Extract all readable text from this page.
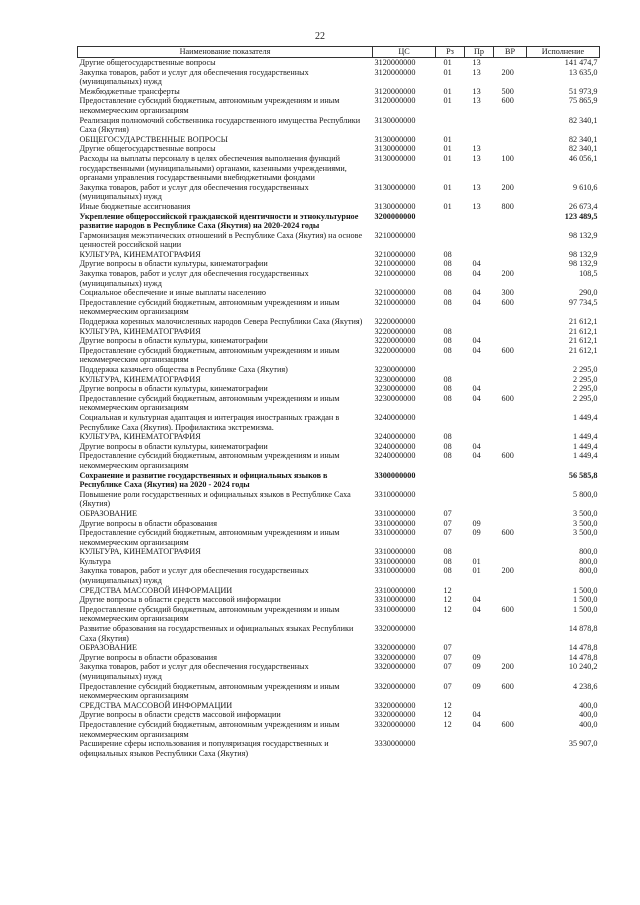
22
Наименование показателя	ЦС	Рз	Пр	ВР	Исполнение
Другие общегосударственные вопросы	3120000000	01	13		141 474,7
Закупка товаров, работ и услуг для обеспечения государственных (муниципальных) нужд	3120000000	01	13	200	13 635,0
Межбюджетные трансферты	3120000000	01	13	500	51 973,9
Предоставление субсидий бюджетным, автономным учреждениям и иным некоммерческим организациям	3120000000	01	13	600	75 865,9
Реализация полномочий собственника государственного имущества Республики Саха (Якутия)	3130000000				82 340,1
ОБЩЕГОСУДАРСТВЕННЫЕ ВОПРОСЫ	3130000000	01			82 340,1
Другие общегосударственные вопросы	3130000000	01	13		82 340,1
Расходы на выплаты персоналу в целях обеспечения выполнения функций государственными (муниципальными) органами, казенными учреждениями, органами управления государственными внебюджетными фондами	3130000000	01	13	100	46 056,1
Закупка товаров, работ и услуг для обеспечения государственных (муниципальных) нужд	3130000000	01	13	200	9 610,6
Иные бюджетные ассигнования	3130000000	01	13	800	26 673,4
Укрепление общероссийской гражданской идентичности и этнокультурное развитие народов в Республике Саха (Якутия) на 2020-2024 годы	3200000000				123 489,5
Гармонизация межэтнических отношений в Республике Саха (Якутия) на основе ценностей российской нации	3210000000				98 132,9
КУЛЬТУРА, КИНЕМАТОГРАФИЯ	3210000000	08			98 132,9
Другие вопросы в области культуры, кинематографии	3210000000	08	04		98 132,9
Закупка товаров, работ и услуг для обеспечения государственных (муниципальных) нужд	3210000000	08	04	200	108,5
Социальное обеспечение и иные выплаты населению	3210000000	08	04	300	290,0
Предоставление субсидий бюджетным, автономным учреждениям и иным некоммерческим организациям	3210000000	08	04	600	97 734,5
Поддержка коренных малочисленных народов Севера Республики Саха (Якутия)	3220000000				21 612,1
КУЛЬТУРА, КИНЕМАТОГРАФИЯ	3220000000	08			21 612,1
Другие вопросы в области культуры, кинематографии	3220000000	08	04		21 612,1
Предоставление субсидий бюджетным, автономным учреждениям и иным некоммерческим организациям	3220000000	08	04	600	21 612,1
Поддержка казачьего общества в Республике Саха (Якутия)	3230000000				2 295,0
КУЛЬТУРА, КИНЕМАТОГРАФИЯ	3230000000	08			2 295,0
Другие вопросы в области культуры, кинематографии	3230000000	08	04		2 295,0
Предоставление субсидий бюджетным, автономным учреждениям и иным некоммерческим организациям	3230000000	08	04	600	2 295,0
Социальная и культурная адаптация и интеграция иностранных граждан в Республике Саха (Якутия). Профилактика экстремизма.	3240000000				1 449,4
КУЛЬТУРА, КИНЕМАТОГРАФИЯ	3240000000	08			1 449,4
Другие вопросы в области культуры, кинематографии	3240000000	08	04		1 449,4
Предоставление субсидий бюджетным, автономным учреждениям и иным некоммерческим организациям	3240000000	08	04	600	1 449,4
Сохранение и развитие государственных и официальных языков в Республике Саха (Якутия) на 2020 - 2024 годы	3300000000				56 585,8
Повышение роли государственных и официальных языков в Республике Саха (Якутия)	3310000000				5 800,0
ОБРАЗОВАНИЕ	3310000000	07			3 500,0
Другие вопросы в области образования	3310000000	07	09		3 500,0
Предоставление субсидий бюджетным, автономным учреждениям и иным некоммерческим организациям	3310000000	07	09	600	3 500,0
КУЛЬТУРА, КИНЕМАТОГРАФИЯ	3310000000	08			800,0
Культура	3310000000	08	01		800,0
Закупка товаров, работ и услуг для обеспечения государственных (муниципальных) нужд	3310000000	08	01	200	800,0
СРЕДСТВА МАССОВОЙ ИНФОРМАЦИИ	3310000000	12			1 500,0
Другие вопросы в области средств массовой информации	3310000000	12	04		1 500,0
Предоставление субсидий бюджетным, автономным учреждениям и иным некоммерческим организациям	3310000000	12	04	600	1 500,0
Развитие образования на государственных и официальных языках Республики Саха (Якутия)	3320000000				14 878,8
ОБРАЗОВАНИЕ	3320000000	07			14 478,8
Другие вопросы в области образования	3320000000	07	09		14 478,8
Закупка товаров, работ и услуг для обеспечения государственных (муниципальных) нужд	3320000000	07	09	200	10 240,2
Предоставление субсидий бюджетным, автономным учреждениям и иным некоммерческим организациям	3320000000	07	09	600	4 238,6
СРЕДСТВА МАССОВОЙ ИНФОРМАЦИИ	3320000000	12			400,0
Другие вопросы в области средств массовой информации	3320000000	12	04		400,0
Предоставление субсидий бюджетным, автономным учреждениям и иным некоммерческим организациям	3320000000	12	04	600	400,0
Расширение сферы использования и популяризация государственных и официальных языков Республики Саха (Якутия)	3330000000				35 907,0
